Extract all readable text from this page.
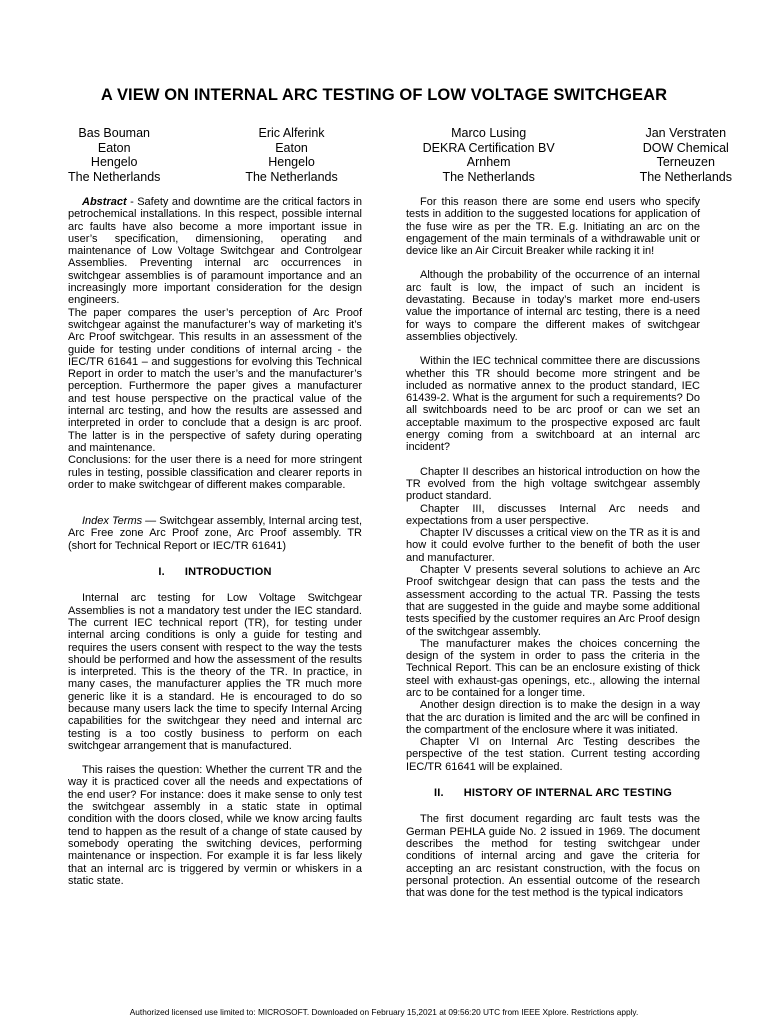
A VIEW ON INTERNAL ARC TESTING OF LOW VOLTAGE SWITCHGEAR
Bas Bouman
Eaton
Hengelo
The Netherlands
Eric Alferink
Eaton
Hengelo
The Netherlands
Marco Lusing
DEKRA Certification BV
Arnhem
The Netherlands
Jan Verstraten
DOW Chemical
Terneuzen
The Netherlands

Abstract - Safety and downtime are the critical factors in petrochemical installations. In this respect, possible internal arc faults have also become a more important issue in user’s specification, dimensioning, operating and maintenance of Low Voltage Switchgear and Controlgear Assemblies. Preventing internal arc occurrences in switchgear assemblies is of paramount importance and an increasingly more important consideration for the design engineers.

The paper compares the user’s perception of Arc Proof switchgear against the manufacturer’s way of marketing it’s Arc Proof switchgear. This results in an assessment of the guide for testing under conditions of internal arcing - the IEC/TR 61641 – and suggestions for evolving this Technical Report in order to match the user’s and the manufacturer’s perception. Furthermore the paper gives a manufacturer and test house perspective on the practical value of the internal arc testing, and how the results are assessed and interpreted in order to conclude that a design is arc proof. The latter is in the perspective of safety during operating and maintenance.

Conclusions: for the user there is a need for more stringent rules in testing, possible classification and clearer reports in order to make switchgear of different makes comparable.

Index Terms — Switchgear assembly, Internal arcing test, Arc Free zone Arc Proof zone, Arc Proof assembly. TR (short for Technical Report or IEC/TR 61641)

I. INTRODUCTION

Internal arc testing for Low Voltage Switchgear Assemblies is not a mandatory test under the IEC standard. The current IEC technical report (TR), for testing under internal arcing conditions is only a guide for testing and requires the users consent with respect to the way the tests should be performed and how the assessment of the results is interpreted. This is the theory of the TR. In practice, in many cases, the manufacturer applies the TR much more generic like it is a standard. He is encouraged to do so because many users lack the time to specify Internal Arcing capabilities for the switchgear they need and internal arc testing is a too costly business to perform on each switchgear arrangement that is manufactured.

This raises the question: Whether the current TR and the way it is practiced cover all the needs and expectations of the end user? For instance: does it make sense to only test the switchgear assembly in a static state in optimal condition with the doors closed, while we know arcing faults tend to happen as the result of a change of state caused by somebody operating the switching devices, performing maintenance or inspection. For example it is far less likely that an internal arc is triggered by vermin or whiskers in a static state.

For this reason there are some end users who specify tests in addition to the suggested locations for application of the fuse wire as per the TR. E.g. Initiating an arc on the engagement of the main terminals of a withdrawable unit or device like an Air Circuit Breaker while racking it in!

Although the probability of the occurrence of an internal arc fault is low, the impact of such an incident is devastating. Because in today’s market more end-users value the importance of internal arc testing, there is a need for ways to compare the different makes of switchgear assemblies objectively.

Within the IEC technical committee there are discussions whether this TR should become more stringent and be included as normative annex to the product standard, IEC 61439-2. What is the argument for such a requirements? Do all switchboards need to be arc proof or can we set an acceptable maximum to the prospective exposed arc fault energy coming from a switchboard at an internal arc incident?

Chapter II describes an historical introduction on how the TR evolved from the high voltage switchgear assembly product standard.

Chapter III, discusses Internal Arc needs and expectations from a user perspective.

Chapter IV discusses a critical view on the TR as it is and how it could evolve further to the benefit of both the user and manufacturer.

Chapter V presents several solutions to achieve an Arc Proof switchgear design that can pass the tests and the assessment according to the actual TR. Passing the tests that are suggested in the guide and maybe some additional tests specified by the customer requires an Arc Proof design of the switchgear assembly.

The manufacturer makes the choices concerning the design of the system in order to pass the criteria in the Technical Report. This can be an enclosure existing of thick steel with exhaust-gas openings, etc., allowing the internal arc to be contained for a longer time.

Another design direction is to make the design in a way that the arc duration is limited and the arc will be confined in the compartment of the enclosure where it was initiated.

Chapter VI on Internal Arc Testing describes the perspective of the test station. Current testing according IEC/TR 61641 will be explained.

II. HISTORY OF INTERNAL ARC TESTING

The first document regarding arc fault tests was the German PEHLA guide No. 2 issued in 1969. The document describes the method for testing switchgear under conditions of internal arcing and gave the criteria for accepting an arc resistant construction, with the focus on personal protection. An essential outcome of the research that was done for the test method is the typical indicators

Authorized licensed use limited to: MICROSOFT. Downloaded on February 15,2021 at 09:56:20 UTC from IEEE Xplore. Restrictions apply.
